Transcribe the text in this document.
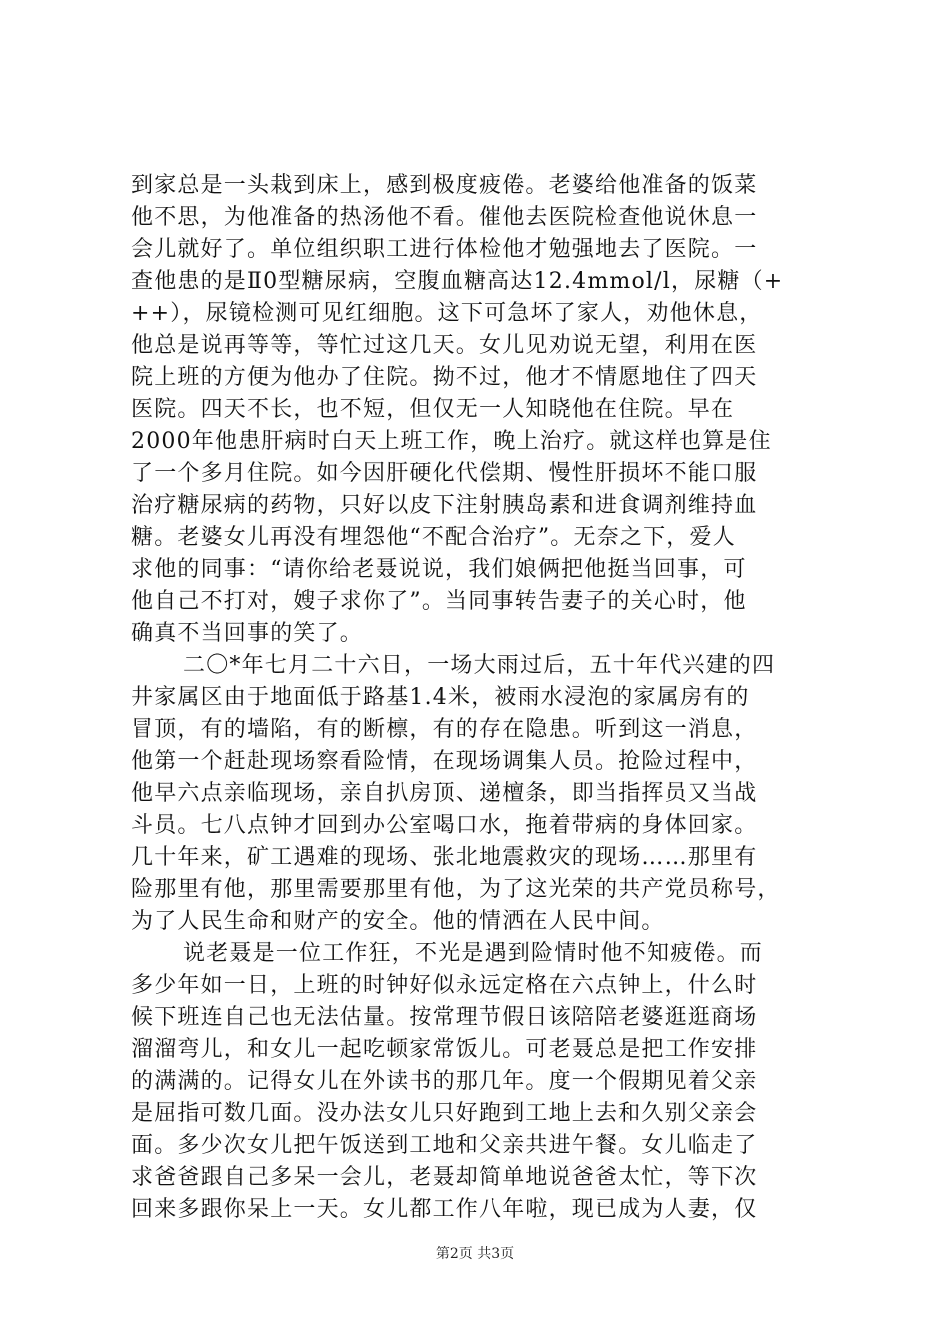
到家总是一头栽到床上，感到极度疲倦。老婆给他准备的饭菜
他不思，为他准备的热汤他不看。催他去医院检查他说休息一
会儿就好了。单位组织职工进行体检他才勉强地去了医院。一
查他患的是Ⅱ0型糖尿病，空腹血糖高达12.4mmol/l，尿糖（+
++），尿镜检测可见红细胞。这下可急坏了家人，劝他休息，
他总是说再等等，等忙过这几天。女儿见劝说无望，利用在医
院上班的方便为他办了住院。拗不过，他才不情愿地住了四天
医院。四天不长，也不短，但仅无一人知晓他在住院。早在
2000年他患肝病时白天上班工作，晚上治疗。就这样也算是住
了一个多月住院。如今因肝硬化代偿期、慢性肝损坏不能口服
治疗糖尿病的药物，只好以皮下注射胰岛素和进食调剂维持血
糖。老婆女儿再没有埋怨他“不配合治疗”。无奈之下，爱人
求他的同事：“请你给老聂说说，我们娘俩把他挺当回事，可
他自己不打对，嫂子求你了”。当同事转告妻子的关心时，他
确真不当回事的笑了。
二〇*年七月二十六日，一场大雨过后，五十年代兴建的四
井家属区由于地面低于路基1.4米，被雨水浸泡的家属房有的
冒顶，有的墙陷，有的断檩，有的存在隐患。听到这一消息，
他第一个赶赴现场察看险情，在现场调集人员。抢险过程中，
他早六点亲临现场，亲自扒房顶、递檀条，即当指挥员又当战
斗员。七八点钟才回到办公室喝口水，拖着带病的身体回家。
几十年来，矿工遇难的现场、张北地震救灾的现场……那里有
险那里有他，那里需要那里有他，为了这光荣的共产党员称号，
为了人民生命和财产的安全。他的情洒在人民中间。
说老聂是一位工作狂，不光是遇到险情时他不知疲倦。而
多少年如一日，上班的时钟好似永远定格在六点钟上，什么时
候下班连自己也无法估量。按常理节假日该陪陪老婆逛逛商场
溜溜弯儿，和女儿一起吃顿家常饭儿。可老聂总是把工作安排
的满满的。记得女儿在外读书的那几年。度一个假期见着父亲
是屈指可数几面。没办法女儿只好跑到工地上去和久别父亲会
面。多少次女儿把午饭送到工地和父亲共进午餐。女儿临走了
求爸爸跟自己多呆一会儿，老聂却简单地说爸爸太忙，等下次
回来多跟你呆上一天。女儿都工作八年啦，现已成为人妻，仅
第2页 共3页
